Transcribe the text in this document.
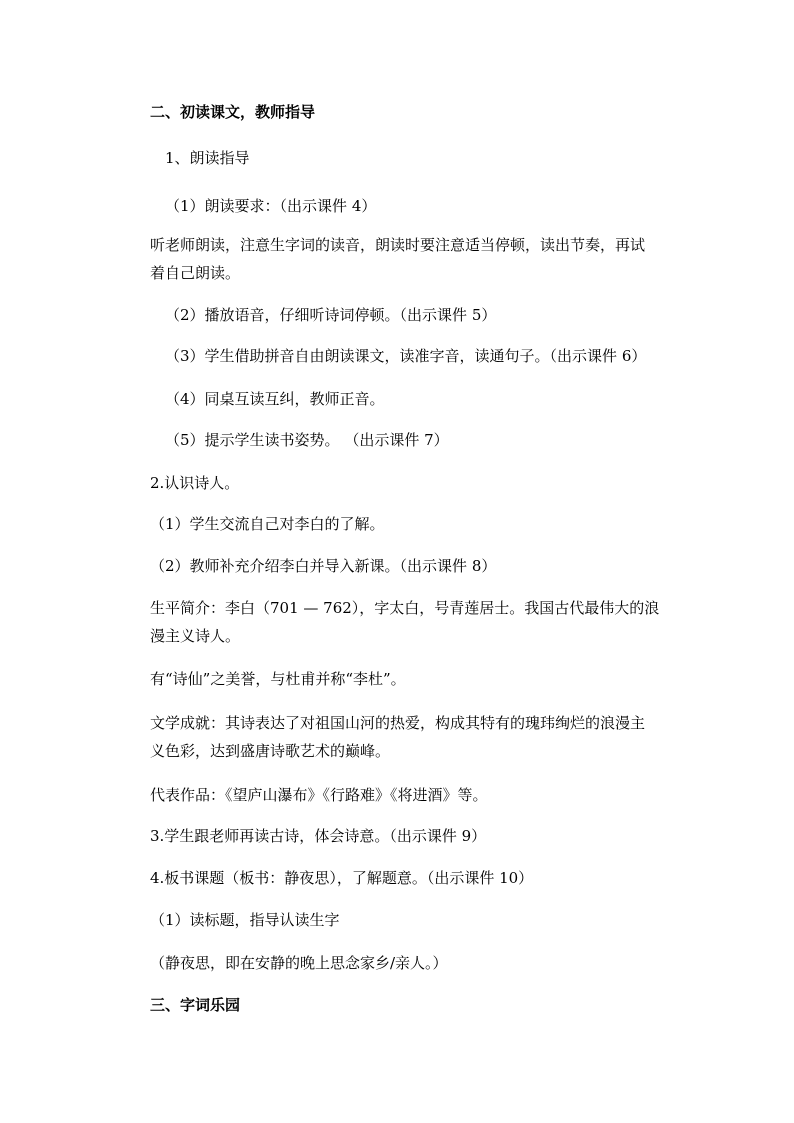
二、初读课文，教师指导
1、朗读指导
（1）朗读要求：（出示课件 4）
听老师朗读，注意生字词的读音，朗读时要注意适当停顿，读出节奏，再试
着自己朗读。
（2）播放语音，仔细听诗词停顿。（出示课件 5）
（3）学生借助拼音自由朗读课文，读准字音，读通句子。（出示课件 6）
（4）同桌互读互纠，教师正音。
（5）提示学生读书姿势。 （出示课件 7）
2.认识诗人。
（1）学生交流自己对李白的了解。
（2）教师补充介绍李白并导入新课。（出示课件 8）
生平简介：李白（701 — 762），字太白，号青莲居士。我国古代最伟大的浪
漫主义诗人。
有“诗仙”之美誉，与杜甫并称“李杜”。
文学成就：其诗表达了对祖国山河的热爱，构成其特有的瑰玮绚烂的浪漫主
义色彩，达到盛唐诗歌艺术的巅峰。
代表作品：《望庐山瀑布》《行路难》《将进酒》等。
3.学生跟老师再读古诗，体会诗意。（出示课件 9）
4.板书课题（板书：静夜思），了解题意。（出示课件 10）
（1）读标题，指导认读生字
（静夜思，即在安静的晚上思念家乡/亲人。）
三、字词乐园
